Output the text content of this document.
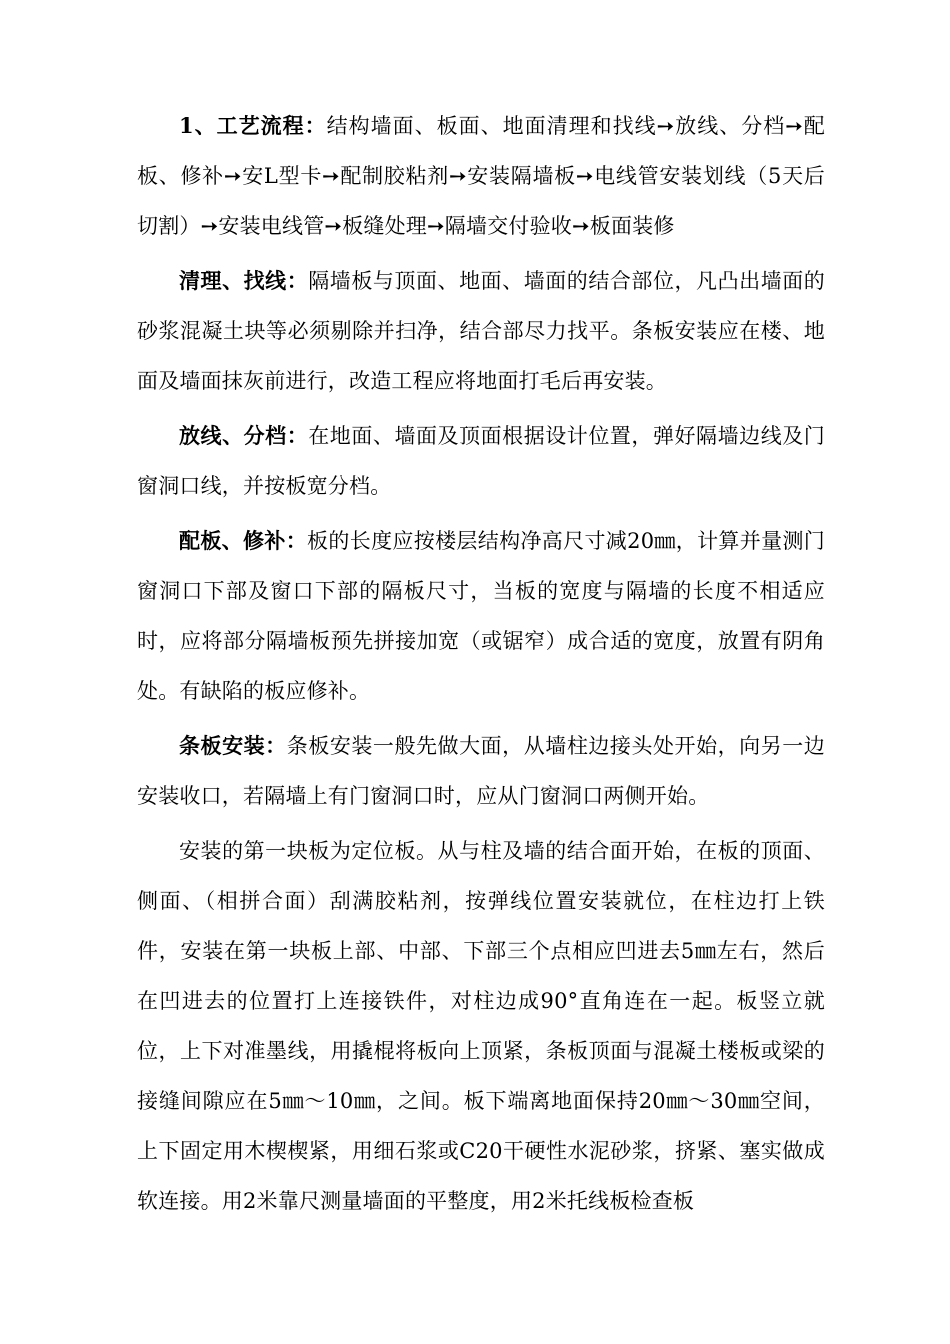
1、工艺流程：结构墙面、板面、地面清理和找线➙放线、分档➙配板、修补➙安L型卡➙配制胶粘剂➙安装隔墙板➙电线管安装划线（5天后切割）➙安装电线管➙板缝处理➙隔墙交付验收➙板面装修

清理、找线：隔墙板与顶面、地面、墙面的结合部位，凡凸出墙面的砂浆混凝土块等必须剔除并扫净，结合部尽力找平。条板安装应在楼、地面及墙面抹灰前进行，改造工程应将地面打毛后再安装。

放线、分档：在地面、墙面及顶面根据设计位置，弹好隔墙边线及门窗洞口线，并按板宽分档。

配板、修补：板的长度应按楼层结构净高尺寸减20㎜，计算并量测门窗洞口下部及窗口下部的隔板尺寸，当板的宽度与隔墙的长度不相适应时，应将部分隔墙板预先拼接加宽（或锯窄）成合适的宽度，放置有阴角处。有缺陷的板应修补。

条板安装：条板安装一般先做大面，从墙柱边接头处开始，向另一边安装收口，若隔墙上有门窗洞口时，应从门窗洞口两侧开始。

安装的第一块板为定位板。从与柱及墙的结合面开始，在板的顶面、侧面、（相拼合面）刮满胶粘剂，按弹线位置安装就位，在柱边打上铁件，安装在第一块板上部、中部、下部三个点相应凹进去5㎜左右，然后在凹进去的位置打上连接铁件，对柱边成90°直角连在一起。板竖立就位，上下对准墨线，用撬棍将板向上顶紧，条板顶面与混凝土楼板或梁的接缝间隙应在5㎜～10㎜，之间。板下端离地面保持20㎜～30㎜空间，上下固定用木楔楔紧，用细石浆或C20干硬性水泥砂浆，挤紧、塞实做成软连接。用2米靠尺测量墙面的平整度，用2米托线板检查板
